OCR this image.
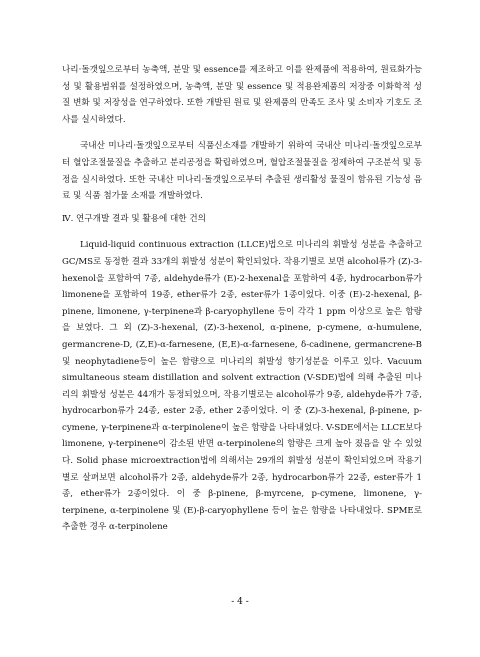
나리·돌갯잎으로부터 농축액, 분말 및 essence를 제조하고 이를 완제품에 적용하여, 원료화가능성 및 활용범위를 설정하였으며, 농축액, 분말 및 essence 및 적용완제품의 저장중 이화학적 성질 변화 및 저장성을 연구하였다. 또한 개발된 원료 및 완제품의 만족도 조사 및 소비자 기호도 조사를 실시하였다.

국내산 미나리·돌갯잎으로부터 식품신소재를 개발하기 위하여 국내산 미나리·돌갯잎으로부터 혈압조절물질을 추출하고 분리공정을 확립하였으며, 혈압조절물질을 정제하여 구조분석 및 동정을 실시하였다. 또한 국내산 미나리·돌갯잎으로부터 추출된 생리활성 물질이 함유된 기능성 음료 및 식품 첨가물 소재를 개발하였다.

Ⅳ. 연구개발 결과 및 활용에 대한 건의

Liquid-liquid continuous extraction (LLCE)법으로 미나리의 휘발성 성분을 추출하고 GC/MS로 동정한 결과 33개의 휘발성 성분이 확인되었다. 작용기별로 보면 alcohol류가 (Z)-3-hexenol을 포함하여 7종, aldehyde류가 (E)-2-hexenal을 포함하여 4종, hydrocarbon류가 limonene을 포함하여 19종, ether류가 2종, ester류가 1종이었다. 이중 (E)-2-hexenal, β-pinene, limonene, γ-terpinene과 β-caryophyllene 등이 각각 1 ppm 이상으로 높은 함량을 보였다. 그 외 (Z)-3-hexenal, (Z)-3-hexenol, α-pinene, p-cymene, α-humulene, germancrene-D, (Z,E)-α-farnesene, (E,E)-α-farnesene, δ-cadinene, germancrene-B 및 neophytadiene등이 높은 함량으로 미나리의 휘발성 향기성분을 이루고 있다. Vacuum simultaneous steam distillation and solvent extraction (V-SDE)법에 의해 추출된 미나리의 휘발성 성분은 44개가 동정되었으며, 작용기별로는 alcohol류가 9종, aldehyde류가 7종, hydrocarbon류가 24종, ester 2종, ether 2종이었다. 이 중 (Z)-3-hexenal, β-pinene, p-cymene, γ-terpinene과 α-terpinolene이 높은 함량을 나타내었다. V-SDE에서는 LLCE보다 limonene, γ-terpinene이 감소된 반면 α-terpinolene의 함량은 크게 높아 졌음을 알 수 있었다. Solid phase microextraction법에 의해서는 29개의 휘발성 성분이 확인되었으며 작용기별로 살펴보면 alcohol류가 2종, aldehyde류가 2종, hydrocarbon류가 22종, ester류가 1종, ether류가 2종이었다. 이 중 β-pinene, β-myrcene, p-cymene, limonene, γ-terpinene, α-terpinolene 및 (E)-β-caryophyllene 등이 높은 함량을 나타내었다. SPME로 추출한 경우 α-terpinolene

- 4 -
